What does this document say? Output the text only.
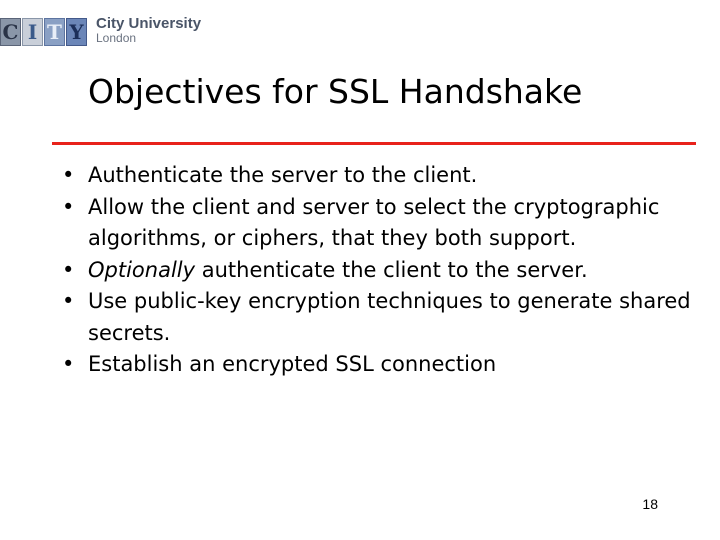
C I T Y City University
London
Objectives for SSL Handshake
• Authenticate the server to the client.
• Allow the client and server to select the cryptographic algorithms, or ciphers, that they both support.
• Optionally authenticate the client to the server.
• Use public-key encryption techniques to generate shared secrets.
• Establish an encrypted SSL connection
18
